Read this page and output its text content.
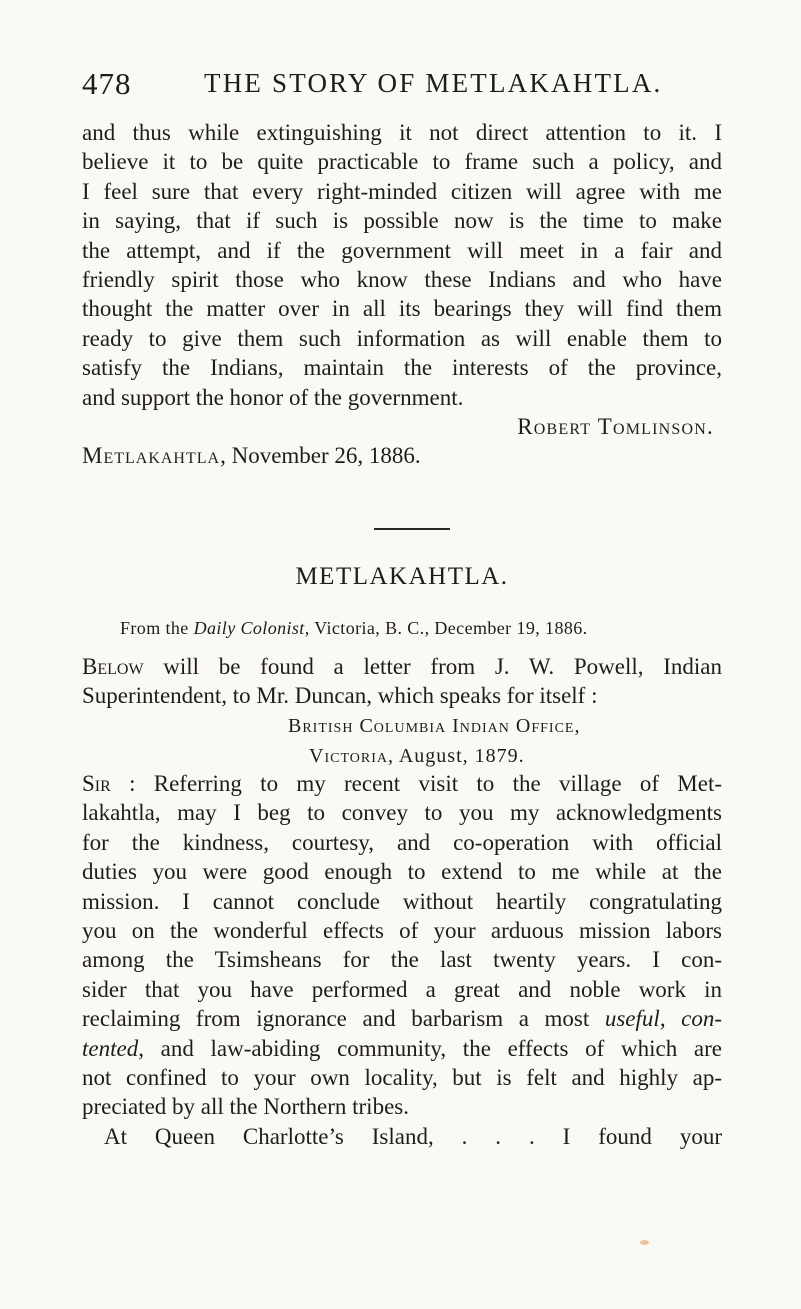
478	THE STORY OF METLAKAHTLA.
and thus while extinguishing it not direct attention to it. I
believe it to be quite practicable to frame such a policy, and
I feel sure that every right-minded citizen will agree with me
in saying, that if such is possible now is the time to make
the attempt, and if the government will meet in a fair and
friendly spirit those who know these Indians and who have
thought the matter over in all its bearings they will find them
ready to give them such information as will enable them to
satisfy the Indians, maintain the interests of the province,
and support the honor of the government.
Robert Tomlinson.
Metlakahtla, November 26, 1886.
METLAKAHTLA.
From the Daily Colonist, Victoria, B. C., December 19, 1886.
Below will be found a letter from J. W. Powell, Indian
Superintendent, to Mr. Duncan, which speaks for itself :
British Columbia Indian Office,
Victoria, August, 1879.
Sir : Referring to my recent visit to the village of Met-
lakahtla, may I beg to convey to you my acknowledgments
for the kindness, courtesy, and co-operation with official
duties you were good enough to extend to me while at the
mission. I cannot conclude without heartily congratulating
you on the wonderful effects of your arduous mission labors
among the Tsimsheans for the last twenty years. I con-
sider that you have performed a great and noble work in
reclaiming from ignorance and barbarism a most useful, con-
tented, and law-abiding community, the effects of which are
not confined to your own locality, but is felt and highly ap-
preciated by all the Northern tribes.
At Queen Charlotte’s Island, . . . I found your
